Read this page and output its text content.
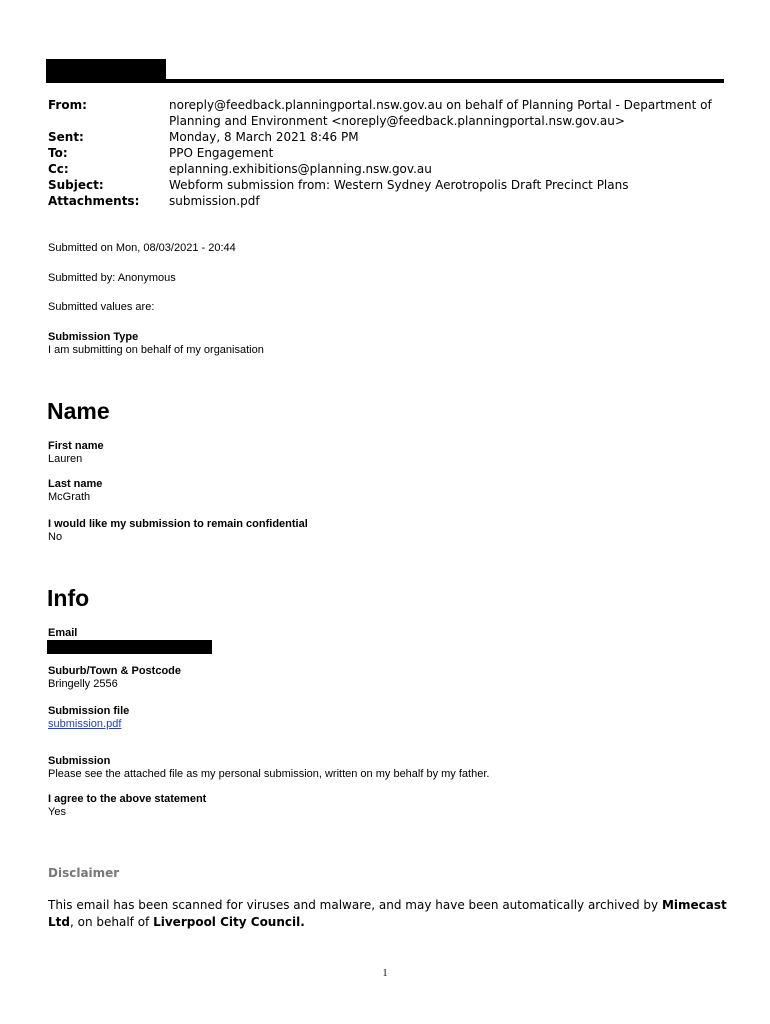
From:	noreply@feedback.planningportal.nsw.gov.au on behalf of Planning Portal - Department of Planning and Environment <noreply@feedback.planningportal.nsw.gov.au>
Sent:	Monday, 8 March 2021 8:46 PM
To:	PPO Engagement
Cc:	eplanning.exhibitions@planning.nsw.gov.au
Subject:	Webform submission from: Western Sydney Aerotropolis Draft Precinct Plans
Attachments:	submission.pdf
Submitted on Mon, 08/03/2021 - 20:44
Submitted by: Anonymous
Submitted values are:
Submission Type
I am submitting on behalf of my organisation
Name
First name
Lauren
Last name
McGrath
I would like my submission to remain confidential
No
Info
Email
Suburb/Town & Postcode
Bringelly 2556
Submission file
submission.pdf
Submission
Please see the attached file as my personal submission, written on my behalf by my father.
I agree to the above statement
Yes
Disclaimer
This email has been scanned for viruses and malware, and may have been automatically archived by Mimecast Ltd, on behalf of Liverpool City Council.
1
